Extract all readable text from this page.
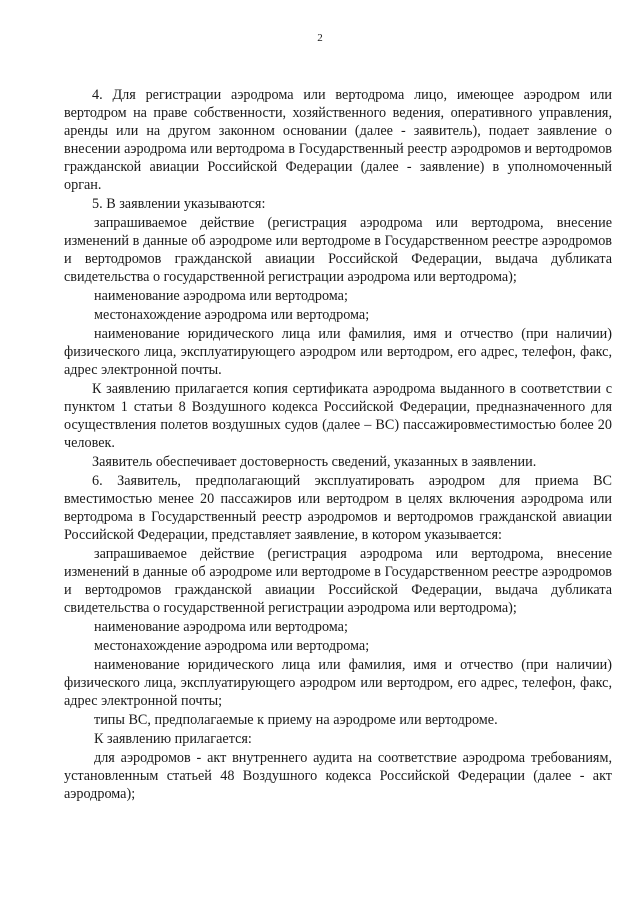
2

4. Для регистрации аэродрома или вертодрома лицо, имеющее аэродром или вертодром на праве собственности, хозяйственного ведения, оперативного управления, аренды или на другом законном основании (далее - заявитель), подает заявление о внесении аэродрома или вертодрома в Государственный реестр аэродромов и вертодромов гражданской авиации Российской Федерации (далее - заявление) в уполномоченный орган.

5. В заявлении указываются:

запрашиваемое действие (регистрация аэродрома или вертодрома, внесение изменений в данные об аэродроме или вертодроме в Государственном реестре аэродромов и вертодромов гражданской авиации Российской Федерации, выдача дубликата свидетельства о государственной регистрации аэродрома или вертодрома);

наименование аэродрома или вертодрома;

местонахождение аэродрома или вертодрома;

наименование юридического лица или фамилия, имя и отчество (при наличии) физического лица, эксплуатирующего аэродром или вертодром, его адрес, телефон, факс, адрес электронной почты.

К заявлению прилагается копия сертификата аэродрома выданного в соответствии с пунктом 1 статьи 8 Воздушного кодекса Российской Федерации, предназначенного для осуществления полетов воздушных судов (далее – ВС) пассажировместимостью более 20 человек.

Заявитель обеспечивает достоверность сведений, указанных в заявлении.

6. Заявитель, предполагающий эксплуатировать аэродром для приема ВС вместимостью менее 20 пассажиров или вертодром в целях включения аэродрома или вертодрома в Государственный реестр аэродромов и вертодромов гражданской авиации Российской Федерации, представляет заявление, в котором указывается:

запрашиваемое действие (регистрация аэродрома или вертодрома, внесение изменений в данные об аэродроме или вертодроме в Государственном реестре аэродромов и вертодромов гражданской авиации Российской Федерации, выдача дубликата свидетельства о государственной регистрации аэродрома или вертодрома);

наименование аэродрома или вертодрома;

местонахождение аэродрома или вертодрома;

наименование юридического лица или фамилия, имя и отчество (при наличии) физического лица, эксплуатирующего аэродром или вертодром, его адрес, телефон, факс, адрес электронной почты;

типы ВС, предполагаемые к приему на аэродроме или вертодроме.

К заявлению прилагается:

для аэродромов - акт внутреннего аудита на соответствие аэродрома требованиям, установленным статьей 48 Воздушного кодекса Российской Федерации (далее - акт аэродрома);
